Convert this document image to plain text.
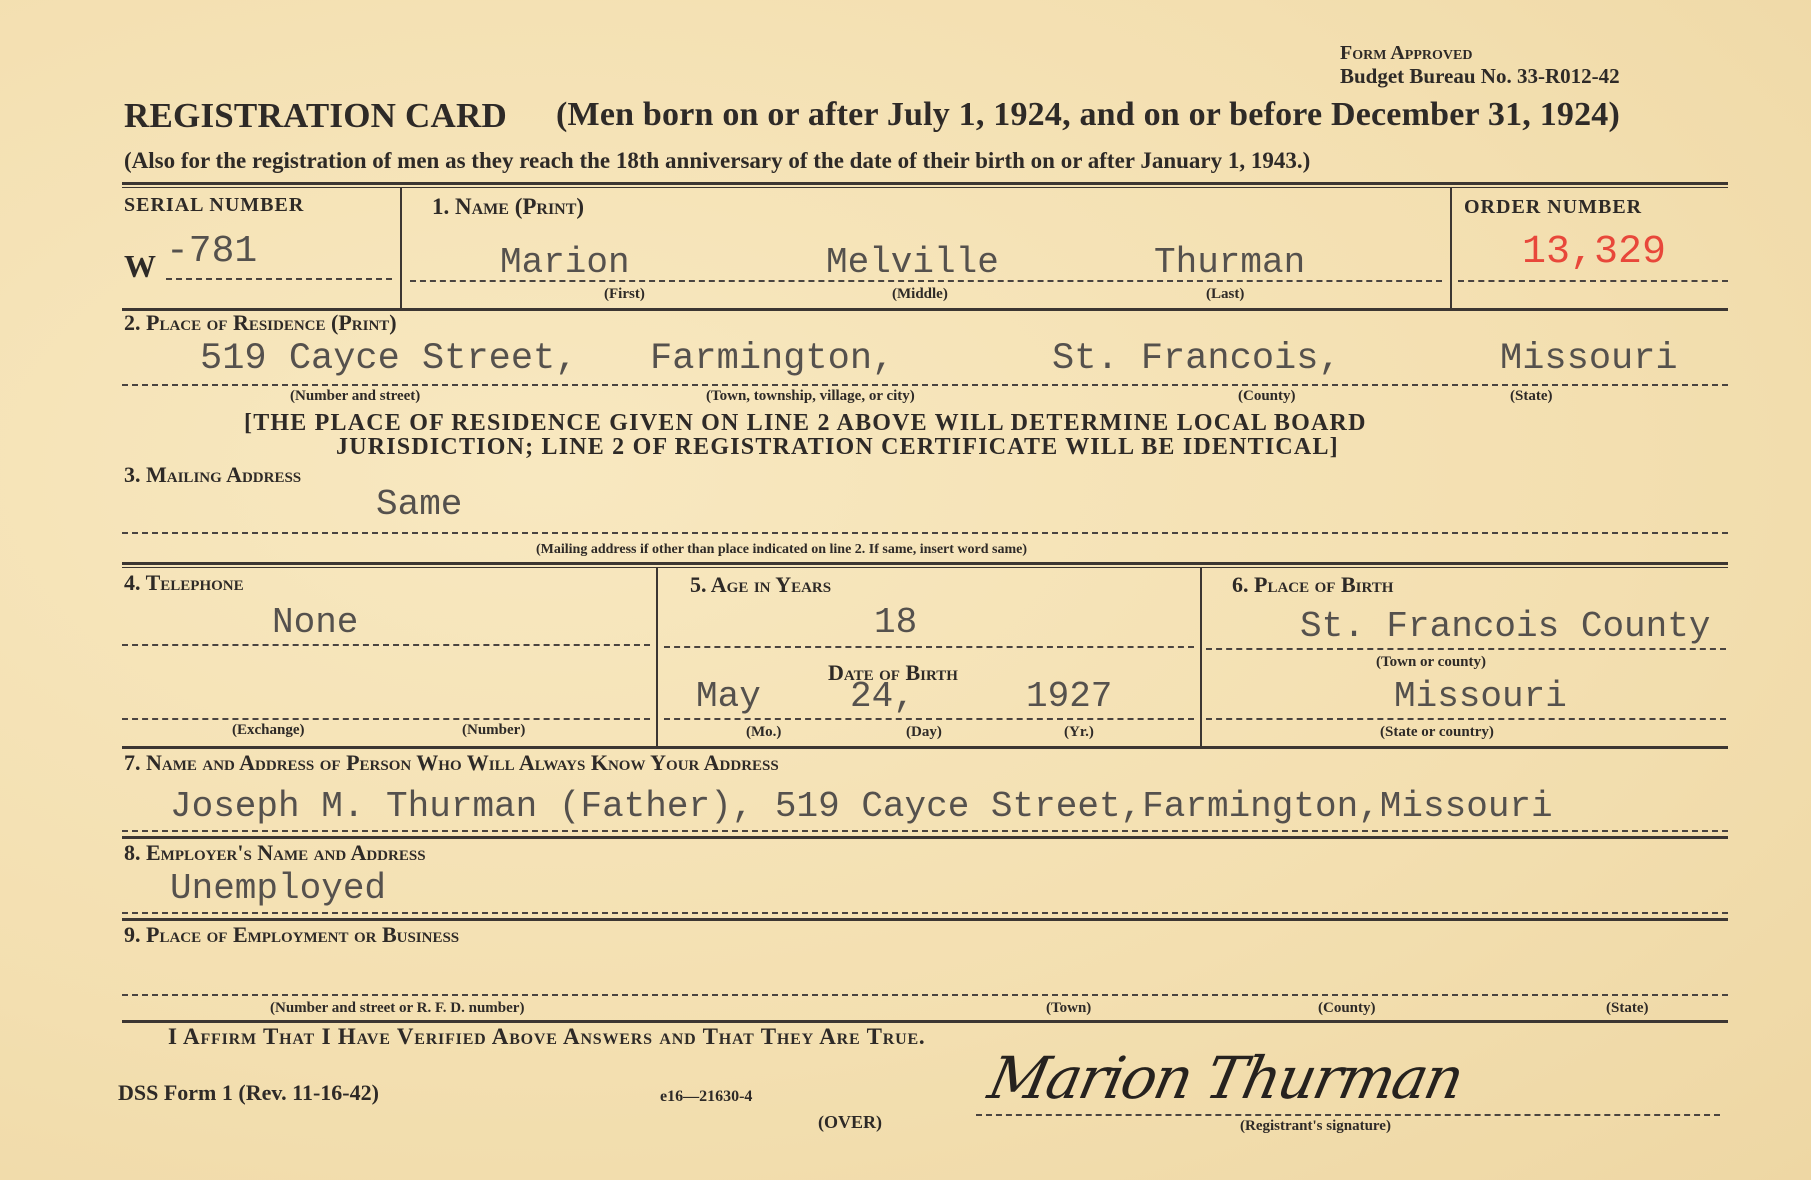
Form Approved
Budget Bureau No. 33-R012-42
REGISTRATION CARD (Men born on or after July 1, 1924, and on or before December 31, 1924)
(Also for the registration of men as they reach the 18th anniversary of the date of their birth on or after January 1, 1943.)
SERIAL NUMBER
W -781
1. Name (Print)
Marion	Melville	Thurman
(First)	(Middle)	(Last)
ORDER NUMBER
13,329
2. Place of Residence (Print)
519 Cayce Street, Farmington,	St. Francois,	Missouri
(Number and street)	(Town, township, village, or city)	(County)	(State)
[THE PLACE OF RESIDENCE GIVEN ON LINE 2 ABOVE WILL DETERMINE LOCAL BOARD
JURISDICTION; LINE 2 OF REGISTRATION CERTIFICATE WILL BE IDENTICAL]
3. Mailing Address
Same
(Mailing address if other than place indicated on line 2. If same, insert word same)
4. Telephone
None
(Exchange)	(Number)
5. Age in Years
18
Date of Birth
May 24,	1927
(Mo.)	(Day)	(Yr.)
6. Place of Birth
St. Francois County
(Town or county)
Missouri
(State or country)
7. Name and Address of Person Who Will Always Know Your Address
Joseph M. Thurman (Father), 519 Cayce Street,Farmington,Missouri
8. Employer's Name and Address
Unemployed
9. Place of Employment or Business
(Number and street or R. F. D. number)	(Town)	(County)	(State)
I Affirm That I Have Verified Above Answers and That They Are True.
DSS Form 1 (Rev. 11-16-42)	e16—21630-4
(OVER)
Marion Thurman
(Registrant's signature)
